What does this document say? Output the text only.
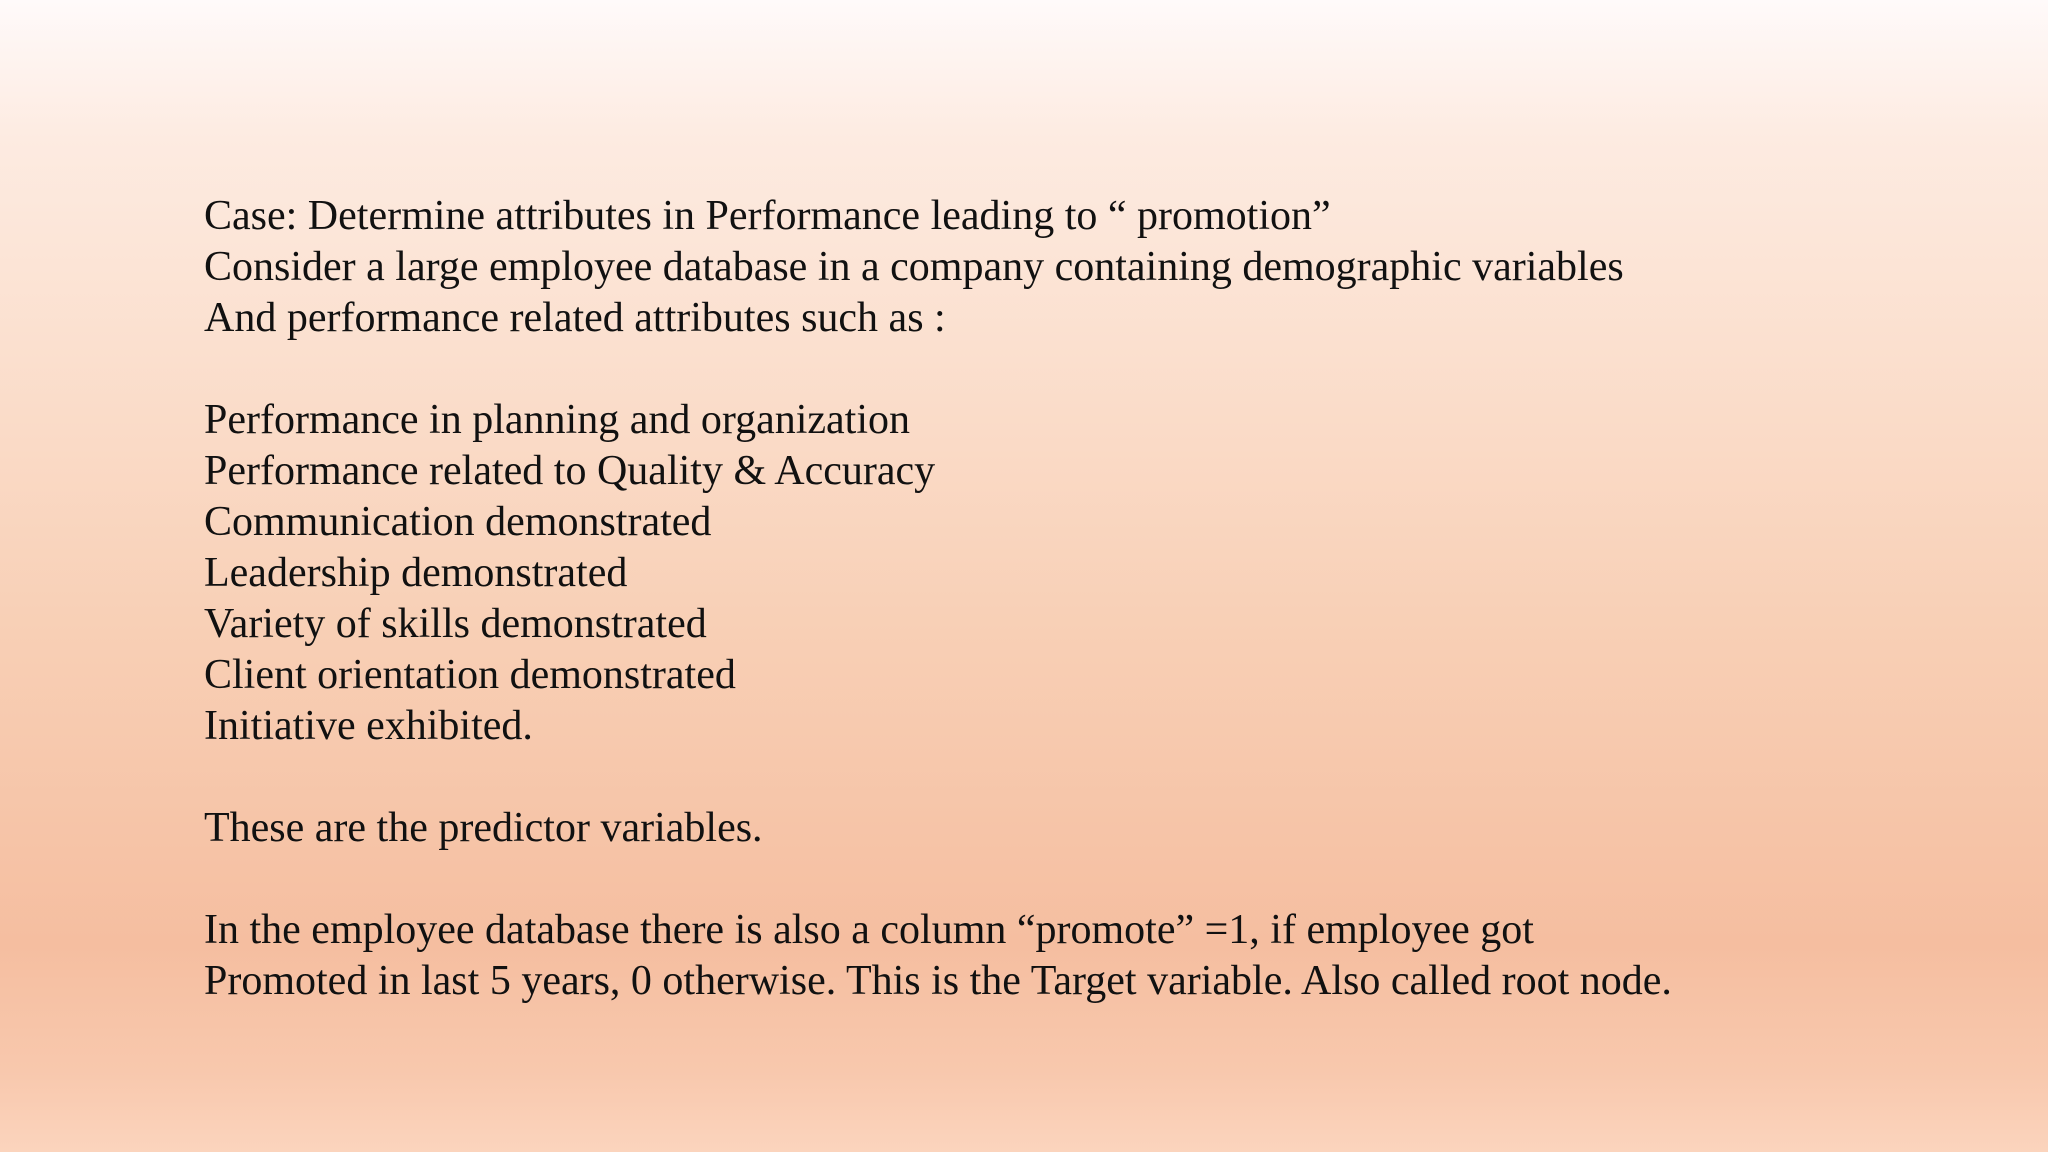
Case: Determine attributes in Performance leading to “ promotion”
Consider a large employee database in a company containing demographic variables
And performance related attributes such as :
Performance in planning and organization
Performance related to Quality & Accuracy
Communication demonstrated
Leadership demonstrated
Variety of skills demonstrated
Client orientation demonstrated
Initiative exhibited.
These are the predictor variables.
In the employee database there is also a column “promote” =1, if employee got
Promoted in last 5 years, 0 otherwise. This is the Target variable. Also called root node.
